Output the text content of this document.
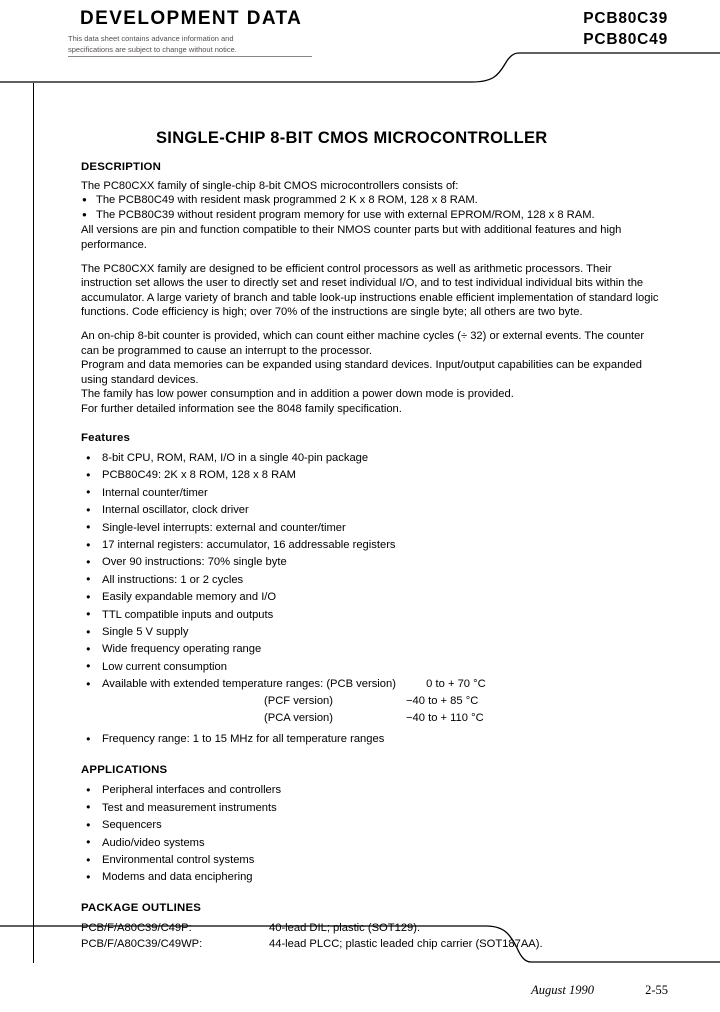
DEVELOPMENT DATA
This data sheet contains advance information and
specifications are subject to change without notice.
PCB80C39
PCB80C49
SINGLE-CHIP 8-BIT CMOS MICROCONTROLLER
DESCRIPTION

The PC80CXX family of single-chip 8-bit CMOS microcontrollers consists of:

● The PCB80C49 with resident mask programmed 2 K x 8 ROM, 128 x 8 RAM.
● The PCB80C39 without resident program memory for use with external EPROM/ROM, 128 x 8 RAM.

All versions are pin and function compatible to their NMOS counter parts but with additional features and high performance.

The PC80CXX family are designed to be efficient control processors as well as arithmetic processors. Their instruction set allows the user to directly set and reset individual I/O, and to test individual individual bits within the accumulator. A large variety of branch and table look-up instructions enable efficient implementation of standard logic functions. Code efficiency is high; over 70% of the instructions are single byte; all others are two byte.

An on-chip 8-bit counter is provided, which can count either machine cycles (÷ 32) or external events. The counter can be programmed to cause an interrupt to the processor.

Program and data memories can be expanded using standard devices. Input/output capabilities can be expanded using standard devices.

The family has low power consumption and in addition a power down mode is provided.

For further detailed information see the 8048 family specification.

Features
● 8-bit CPU, ROM, RAM, I/O in a single 40-pin package
● PCB80C49: 2K x 8 ROM, 128 x 8 RAM
● Internal counter/timer
● Internal oscillator, clock driver
● Single-level interrupts: external and counter/timer
● 17 internal registers: accumulator, 16 addressable registers
● Over 90 instructions: 70% single byte
● All instructions: 1 or 2 cycles
● Easily expandable memory and I/O
● TTL compatible inputs and outputs
● Single 5 V supply
● Wide frequency operating range
● Low current consumption
● Available with extended temperature ranges: (PCB version)	0 to + 70 °C
(PCF version)	−40 to + 85 °C
(PCA version)	−40 to + 110 °C
● Frequency range: 1 to 15 MHz for all temperature ranges
APPLICATIONS
● Peripheral interfaces and controllers
● Test and measurement instruments
● Sequencers
● Audio/video systems
● Environmental control systems
● Modems and data enciphering
PACKAGE OUTLINES
PCB/F/A80C39/C49P:	40-lead DIL; plastic (SOT129).
PCB/F/A80C39/C49WP:	44-lead PLCC; plastic leaded chip carrier (SOT187AA).
August 1990	2-55
